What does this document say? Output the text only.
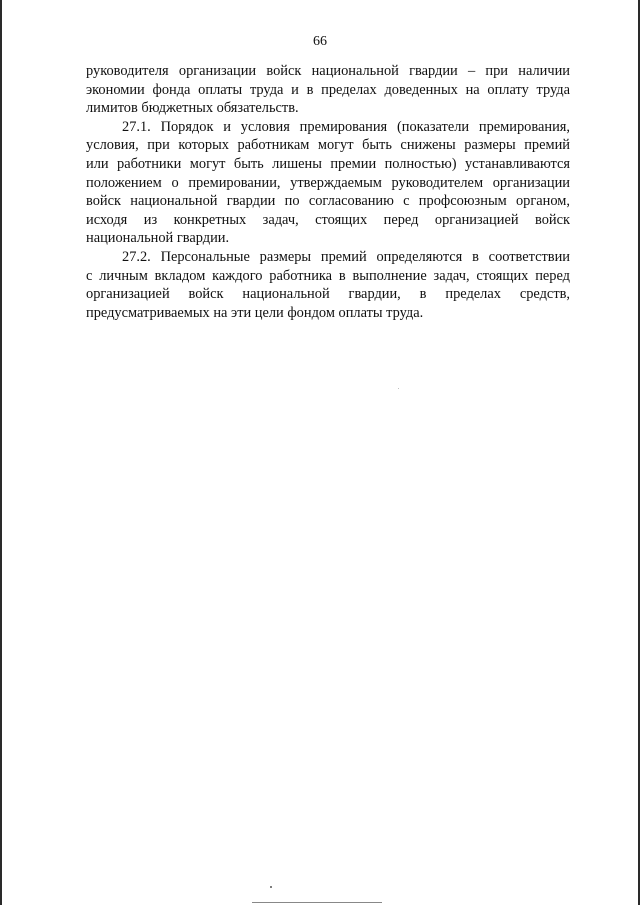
66
руководителя организации войск национальной гвардии – при наличии
экономии фонда оплаты труда и в пределах доведенных на оплату труда
лимитов бюджетных обязательств.
27.1. Порядок и условия премирования (показатели премирования,
условия, при которых работникам могут быть снижены размеры премий
или работники могут быть лишены премии полностью) устанавливаются
положением о премировании, утверждаемым руководителем организации
войск национальной гвардии по согласованию с профсоюзным органом,
исходя из конкретных задач, стоящих перед организацией войск
национальной гвардии.
27.2. Персональные размеры премий определяются в соответствии
с личным вкладом каждого работника в выполнение задач, стоящих перед
организацией войск национальной гвардии, в пределах средств,
предусматриваемых на эти цели фондом оплаты труда.
